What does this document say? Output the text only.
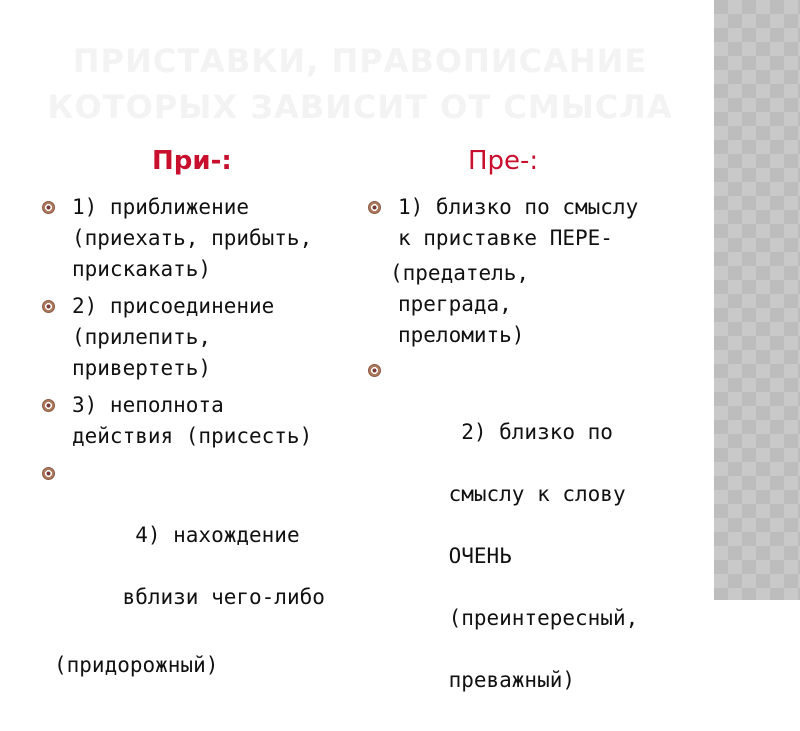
ПРИСТАВКИ, ПРАВОПИСАНИЕ
КОТОРЫХ ЗАВИСИТ ОТ СМЫСЛА
При-:	Пре-:
1) приближение
(приехать, прибыть,
прискакать)
2) присоединение
(прилепить,
привертеть)
3) неполнота
действия (присесть)

4) нахождение

вблизи чего-либо

(придорожный)
1) близко по смыслу
к приставке ПЕРЕ-
(предатель,
преграда,
преломить)

2) близко по

смыслу к слову

ОЧЕНЬ

(преинтересный,

преважный)
